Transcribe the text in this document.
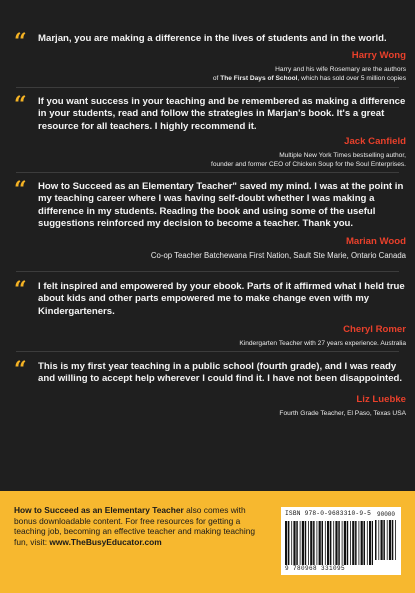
“ Marjan, you are making a difference in the lives of students and in the world.
Harry Wong
Harry and his wife Rosemary are the authors
of The First Days of School, which has sold over 5 million copies
“ If you want success in your teaching and be remembered as making a difference in your students, read and follow the strategies in Marjan's book. It's a great resource for all teachers. I highly recommend it.
Jack Canfield
Multiple New York Times bestselling author,
founder and former CEO of Chicken Soup for the Soul Enterprises.
“ How to Succeed as an Elementary Teacher" saved my mind. I was at the point in my teaching career where I was having self-doubt whether I was making a difference in my students. Reading the book and using some of the useful suggestions reinforced my decision to become a teacher. Thank you.
Marian Wood
Co-op Teacher Batchewana First Nation, Sault Ste Marie, Ontario Canada
“ I felt inspired and empowered by your ebook. Parts of it affirmed what I held true about kids and other parts empowered me to make change even with my Kindergarteners.
Cheryl Romer
Kindergarten Teacher with 27 years experience. Australia
“ This is my first year teaching in a public school (fourth grade), and I was ready and willing to accept help wherever I could find it. I have not been disappointed.
Liz Luebke
Fourth Grade Teacher, El Paso, Texas USA
How to Succeed as an Elementary Teacher also comes with bonus downloadable content. For free resources for getting a teaching job, becoming an effective teacher and making teaching fun, visit: www.TheBusyEducator.com
ISBN 978-0-9683310-9-5 90000
9 780968 331095
